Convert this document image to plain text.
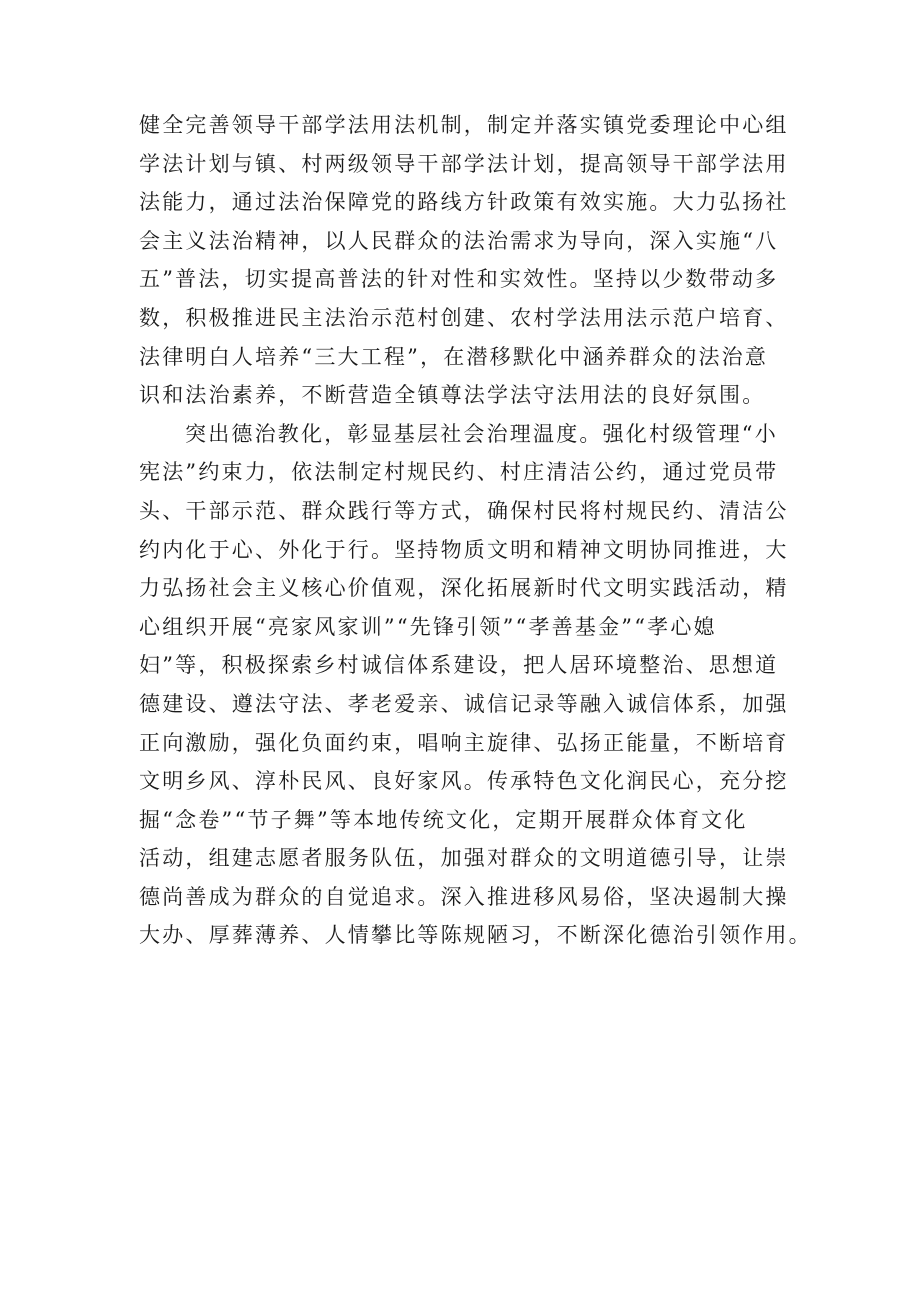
健全完善领导干部学法用法机制，制定并落实镇党委理论中心组
学法计划与镇、村两级领导干部学法计划，提高领导干部学法用
法能力，通过法治保障党的路线方针政策有效实施。大力弘扬社
会主义法治精神，以人民群众的法治需求为导向，深入实施“八
五”普法，切实提高普法的针对性和实效性。坚持以少数带动多
数，积极推进民主法治示范村创建、农村学法用法示范户培育、
法律明白人培养“三大工程”，在潜移默化中涵养群众的法治意
识和法治素养，不断营造全镇尊法学法守法用法的良好氛围。
突出德治教化，彰显基层社会治理温度。强化村级管理“小
宪法”约束力，依法制定村规民约、村庄清洁公约，通过党员带
头、干部示范、群众践行等方式，确保村民将村规民约、清洁公
约内化于心、外化于行。坚持物质文明和精神文明协同推进，大
力弘扬社会主义核心价值观，深化拓展新时代文明实践活动，精
心组织开展“亮家风家训”“先锋引领”“孝善基金”“孝心媳
妇”等，积极探索乡村诚信体系建设，把人居环境整治、思想道
德建设、遵法守法、孝老爱亲、诚信记录等融入诚信体系，加强
正向激励，强化负面约束，唱响主旋律、弘扬正能量，不断培育
文明乡风、淳朴民风、良好家风。传承特色文化润民心，充分挖
掘“念卷”“节子舞”等本地传统文化，定期开展群众体育文化
活动，组建志愿者服务队伍，加强对群众的文明道德引导，让崇
德尚善成为群众的自觉追求。深入推进移风易俗，坚决遏制大操
大办、厚葬薄养、人情攀比等陈规陋习，不断深化德治引领作用。
